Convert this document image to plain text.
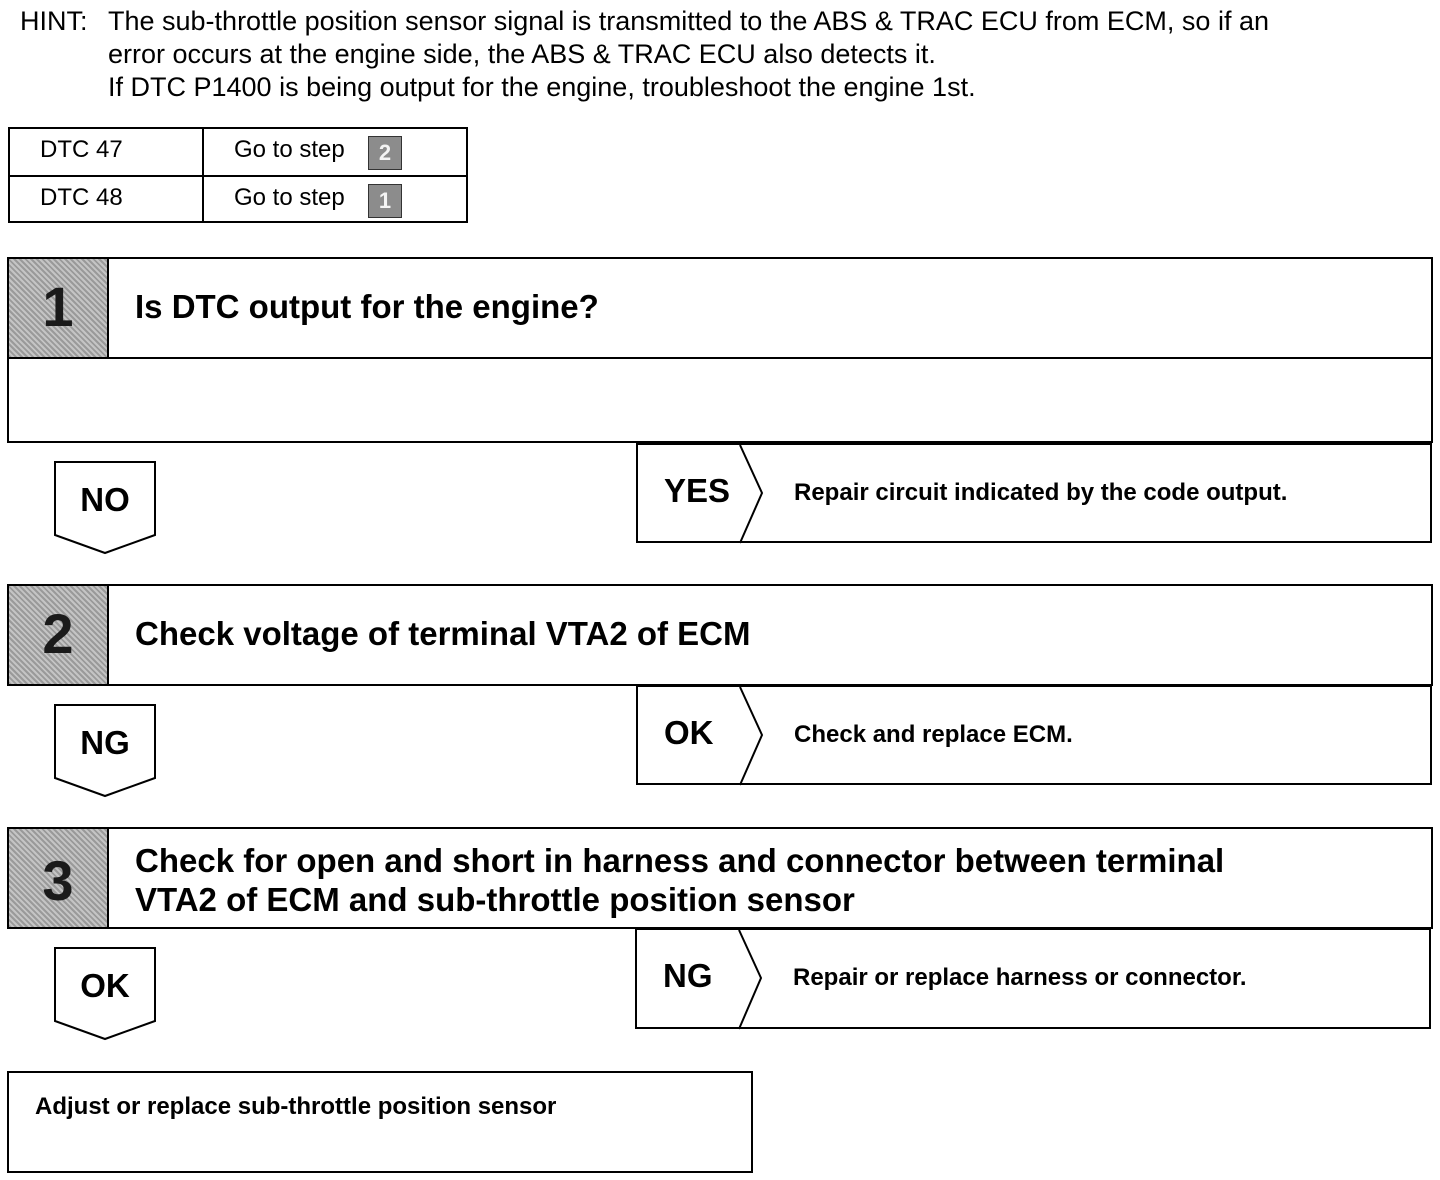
HINT: The sub-throttle position sensor signal is transmitted to the ABS & TRAC ECU from ECM, so if an
error occurs at the engine side, the ABS & TRAC ECU also detects it.
If DTC P1400 is being output for the engine, troubleshoot the engine 1st.
DTC 47	Go to step	2
DTC 48	Go to step	1
1	Is DTC output for the engine?
NO	YES	Repair circuit indicated by the code output.
2	Check voltage of terminal VTA2 of ECM
NG	OK	Check and replace ECM.
3	Check for open and short in harness and connector between terminal
VTA2 of ECM and sub-throttle position sensor
OK	NG	Repair or replace harness or connector.
Adjust or replace sub-throttle position sensor
